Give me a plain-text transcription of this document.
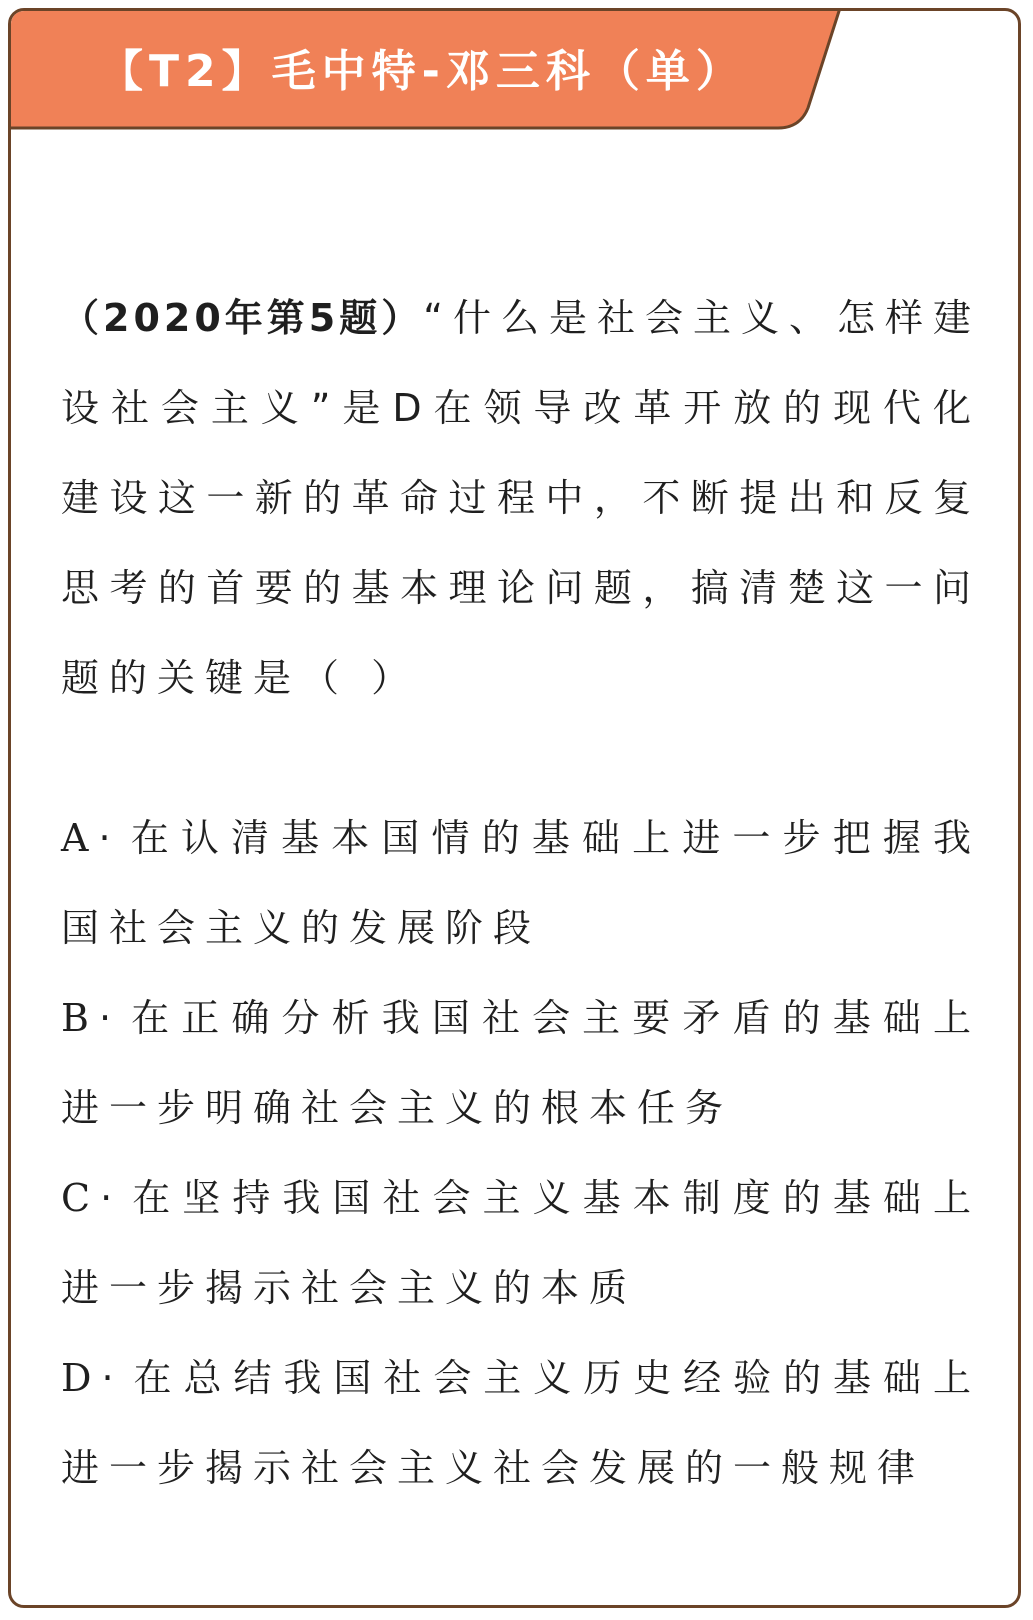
【T2】毛中特-邓三科（单）

（2020年第5题）“什么是社会主义、怎样建设社会主义”是D在领导改革开放的现代化建设这一新的革命过程中，不断提出和反复思考的首要的基本理论问题，搞清楚这一问题的关键是（ ）

A · 在认清基本国情的基础上进一步把握我国社会主义的发展阶段

B · 在正确分析我国社会主要矛盾的基础上进一步明确社会主义的根本任务

C · 在坚持我国社会主义基本制度的基础上进一步揭示社会主义的本质

D · 在总结我国社会主义历史经验的基础上进一步揭示社会主义社会发展的一般规律
